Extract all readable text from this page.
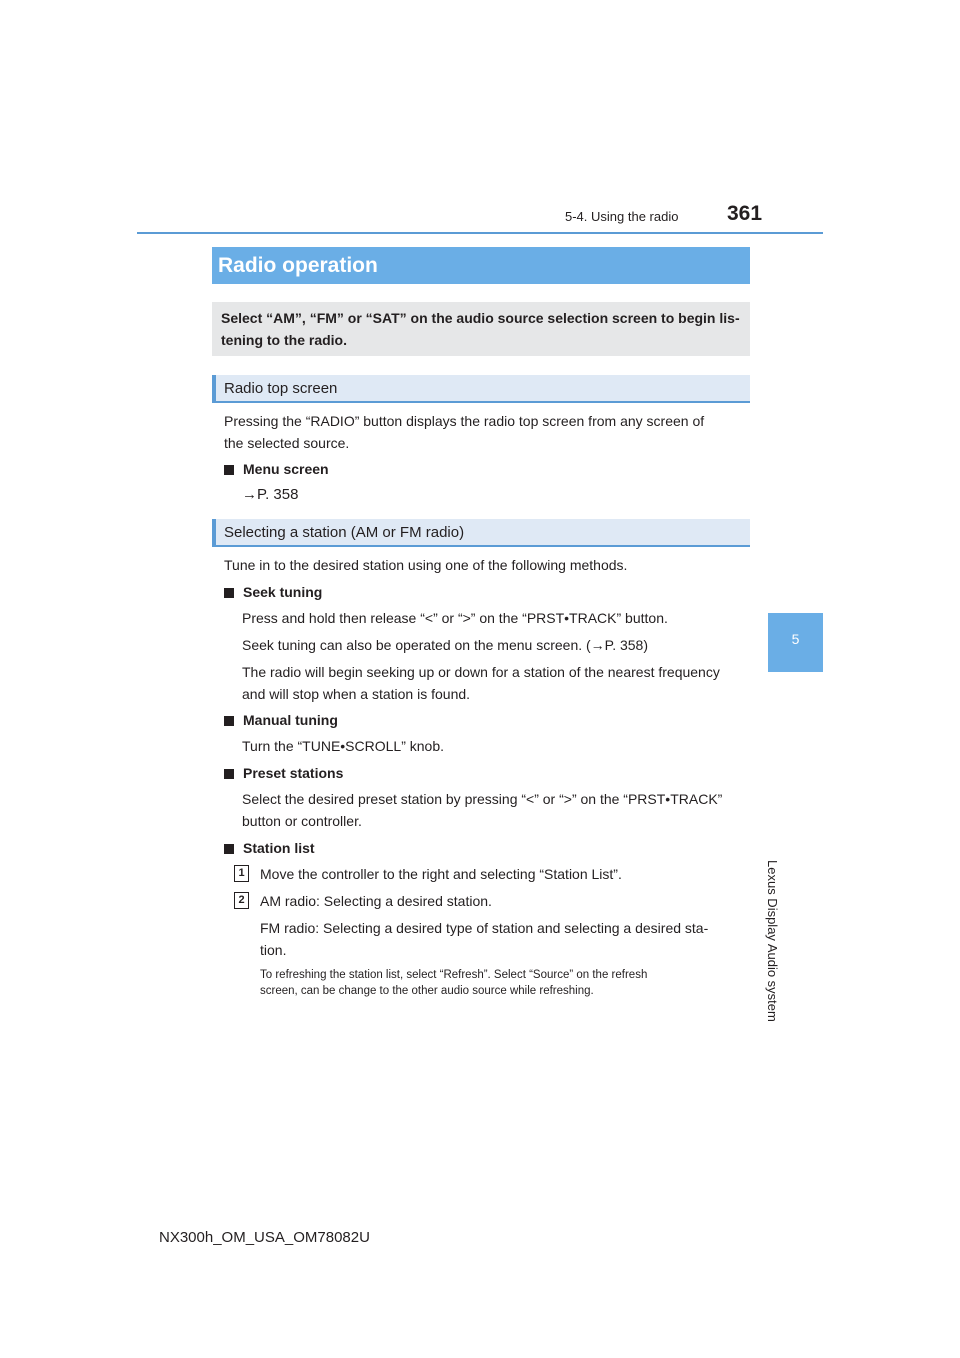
5-4. Using the radio 361
5
Lexus Display Audio system
Radio operation
Select “AM”, “FM” or “SAT” on the audio source selection screen to begin lis-
tening to the radio.
Radio top screen
Pressing the “RADIO” button displays the radio top screen from any screen of
the selected source.
Menu screen
→P. 358
Selecting a station (AM or FM radio)
Tune in to the desired station using one of the following methods.
Seek tuning
Press and hold then release “<” or “>” on the “PRST•TRACK” button.
Seek tuning can also be operated on the menu screen. (→P. 358)
The radio will begin seeking up or down for a station of the nearest frequency
and will stop when a station is found.
Manual tuning
Turn the “TUNE•SCROLL” knob.
Preset stations
Select the desired preset station by pressing “<” or “>” on the “PRST•TRACK”
button or controller.
Station list
1	Move the controller to the right and selecting “Station List”.
2	AM radio: Selecting a desired station.
FM radio: Selecting a desired type of station and selecting a desired sta-
tion.
To refreshing the station list, select “Refresh”. Select “Source” on the refresh
screen, can be change to the other audio source while refreshing.
NX300h_OM_USA_OM78082U
